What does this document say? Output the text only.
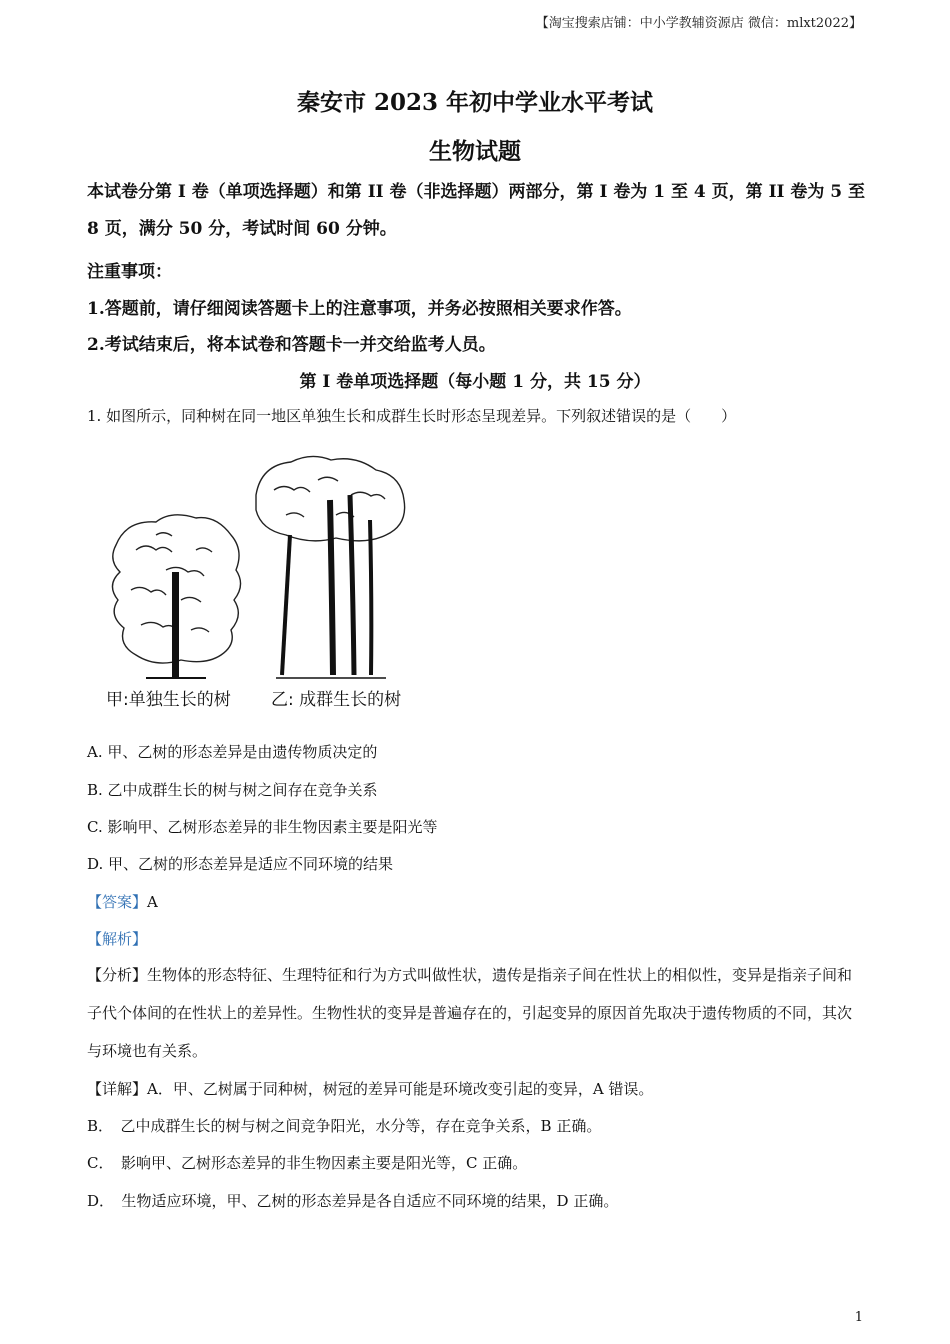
【淘宝搜索店铺：中小学教辅资源店 微信：mlxt2022】
秦安市 2023 年初中学业水平考试
生物试题
本试卷分第 I 卷（单项选择题）和第 II 卷（非选择题）两部分，第 I 卷为 1 至 4 页，第 II 卷为 5 至 8 页，满分 50 分，考试时间 60 分钟。
注重事项：
1.答题前，请仔细阅读答题卡上的注意事项，并务必按照相关要求作答。
2.考试结束后，将本试卷和答题卡一并交给监考人员。
第 I 卷单项选择题（每小题 1 分，共 15 分）
1. 如图所示，同种树在同一地区单独生长和成群生长时形态呈现差异。下列叙述错误的是（　　）
甲:单独生长的树 乙: 成群生长的树
A. 甲、乙树的形态差异是由遗传物质决定的
B. 乙中成群生长的树与树之间存在竞争关系
C. 影响甲、乙树形态差异的非生物因素主要是阳光等
D. 甲、乙树的形态差异是适应不同环境的结果
【答案】A
【解析】
【分析】生物体的形态特征、生理特征和行为方式叫做性状，遗传是指亲子间在性状上的相似性，变异是指亲子间和子代个体间的在性状上的差异性。生物性状的变异是普遍存在的，引起变异的原因首先取决于遗传物质的不同，其次与环境也有关系。
【详解】A．甲、乙树属于同种树，树冠的差异可能是环境改变引起的变异，A 错误。
B．　乙中成群生长的树与树之间竞争阳光，水分等，存在竞争关系，B 正确。
C．　影响甲、乙树形态差异的非生物因素主要是阳光等，C 正确。
D．　生物适应环境，甲、乙树的形态差异是各自适应不同环境的结果，D 正确。
1
